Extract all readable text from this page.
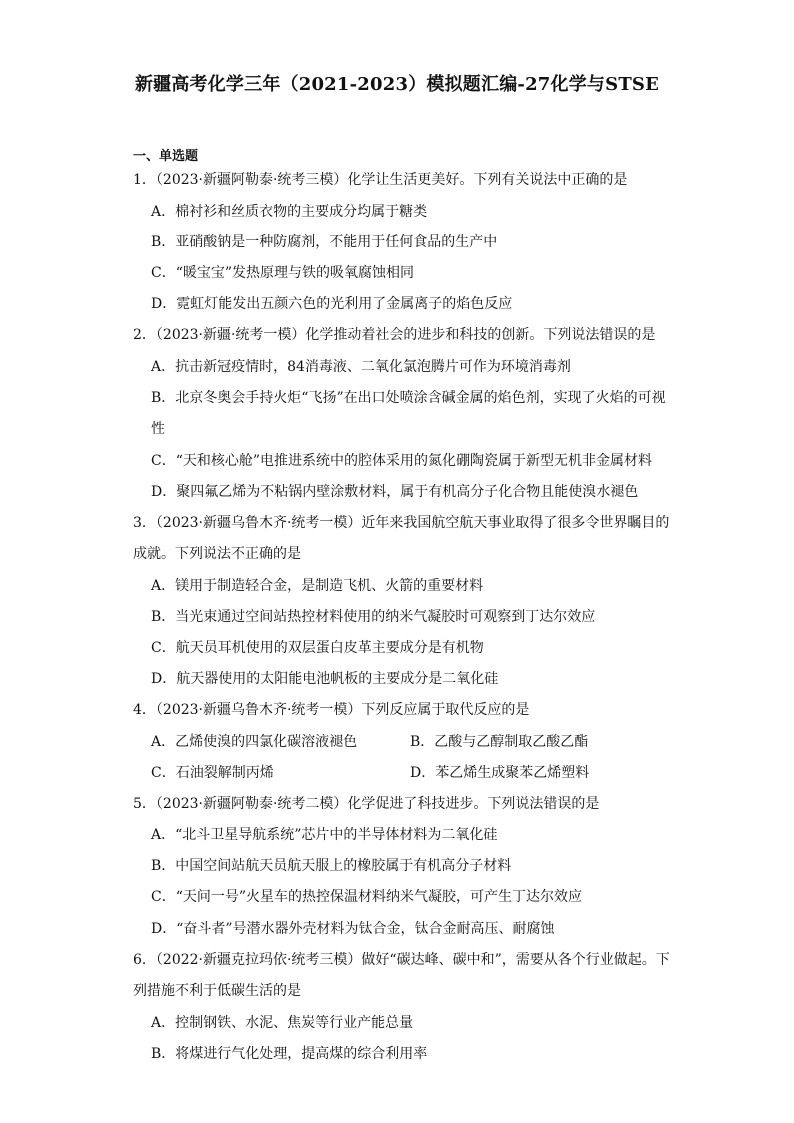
新疆高考化学三年（2021-2023）模拟题汇编-27化学与STSE
一、单选题
1．（2023·新疆阿勒泰·统考三模）化学让生活更美好。下列有关说法中正确的是
A．棉衬衫和丝质衣物的主要成分均属于糖类
B．亚硝酸钠是一种防腐剂，不能用于任何食品的生产中
C．“暖宝宝”发热原理与铁的吸氧腐蚀相同
D．霓虹灯能发出五颜六色的光利用了金属离子的焰色反应
2．（2023·新疆·统考一模）化学推动着社会的进步和科技的创新。下列说法错误的是
A．抗击新冠疫情时，84消毒液、二氧化氯泡腾片可作为环境消毒剂
B．北京冬奥会手持火炬“飞扬”在出口处喷涂含碱金属的焰色剂，实现了火焰的可视
性
C．“天和核心舱”电推进系统中的腔体采用的氮化硼陶瓷属于新型无机非金属材料
D．聚四氟乙烯为不粘锅内壁涂敷材料，属于有机高分子化合物且能使溴水褪色
3．（2023·新疆乌鲁木齐·统考一模）近年来我国航空航天事业取得了很多令世界瞩目的
成就。下列说法不正确的是
A．镁用于制造轻合金，是制造飞机、火箭的重要材料
B．当光束通过空间站热控材料使用的纳米气凝胶时可观察到丁达尔效应
C．航天员耳机使用的双层蛋白皮革主要成分是有机物
D．航天器使用的太阳能电池帆板的主要成分是二氧化硅
4．（2023·新疆乌鲁木齐·统考一模）下列反应属于取代反应的是
A．乙烯使溴的四氯化碳溶液褪色	B．乙酸与乙醇制取乙酸乙酯
C．石油裂解制丙烯	D．苯乙烯生成聚苯乙烯塑料
5．（2023·新疆阿勒泰·统考二模）化学促进了科技进步。下列说法错误的是
A．“北斗卫星导航系统”芯片中的半导体材料为二氧化硅
B．中国空间站航天员航天服上的橡胶属于有机高分子材料
C．“天问一号”火星车的热控保温材料纳米气凝胶，可产生丁达尔效应
D．“奋斗者”号潜水器外壳材料为钛合金，钛合金耐高压、耐腐蚀
6．（2022·新疆克拉玛依·统考三模）做好“碳达峰、碳中和”，需要从各个行业做起。下
列措施不利于低碳生活的是
A．控制钢铁、水泥、焦炭等行业产能总量
B．将煤进行气化处理，提高煤的综合利用率
